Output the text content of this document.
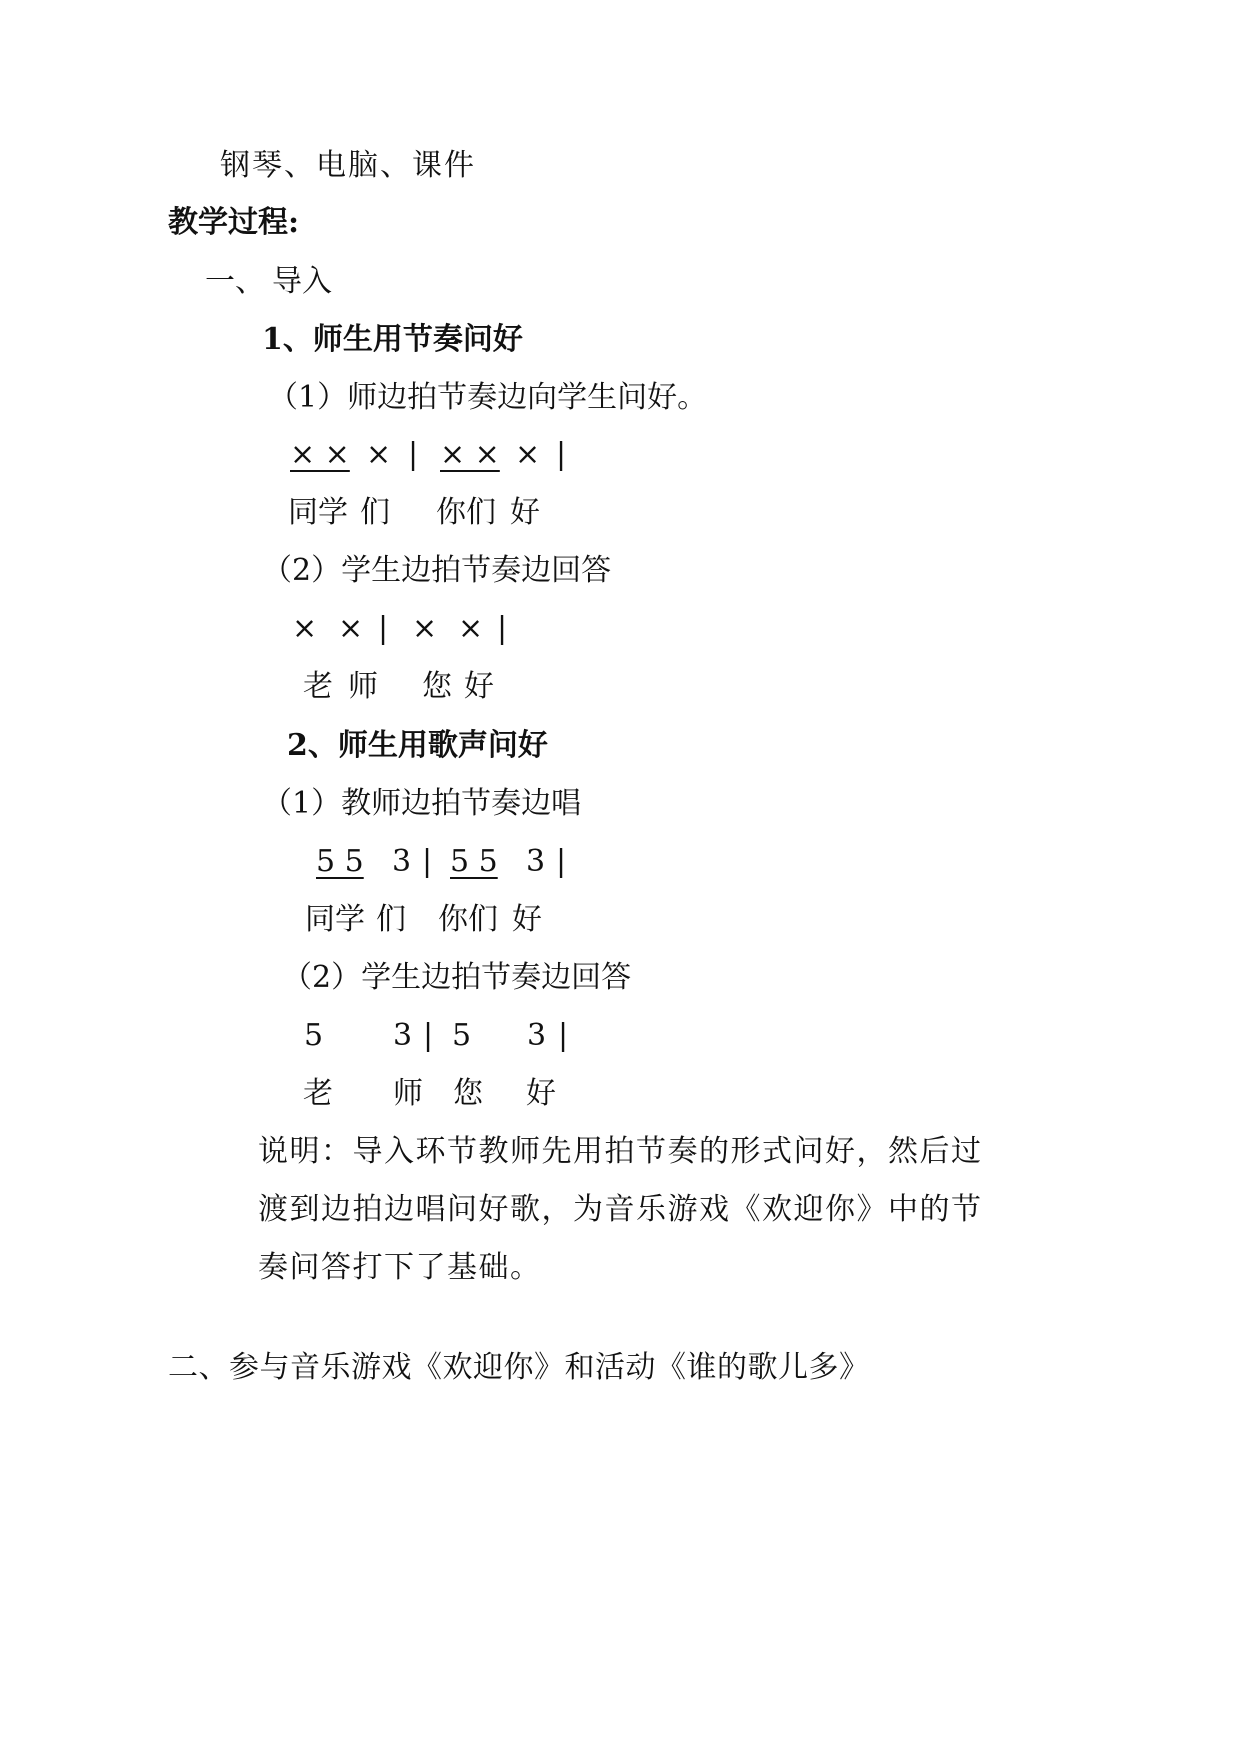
钢琴、电脑、课件
教学过程:
一、 导入
1、师生用节奏问好
（1）师边拍节奏边向学生问好。
× × × | × × × |
同学 们 你们 好
（2）学生边拍节奏边回答
× × | × × |
老 师 您 好
2、师生用歌声问好
（1）教师边拍节奏边唱
5 5 3 | 5 5 3 |
同学 们 你们 好
（2）学生边拍节奏边回答
5 3 | 5 3 |
老 师 您 好
说明：导入环节教师先用拍节奏的形式问好，然后过
渡到边拍边唱问好歌，为音乐游戏《欢迎你》中的节
奏问答打下了基础。
二、参与音乐游戏《欢迎你》和活动《谁的歌儿多》
